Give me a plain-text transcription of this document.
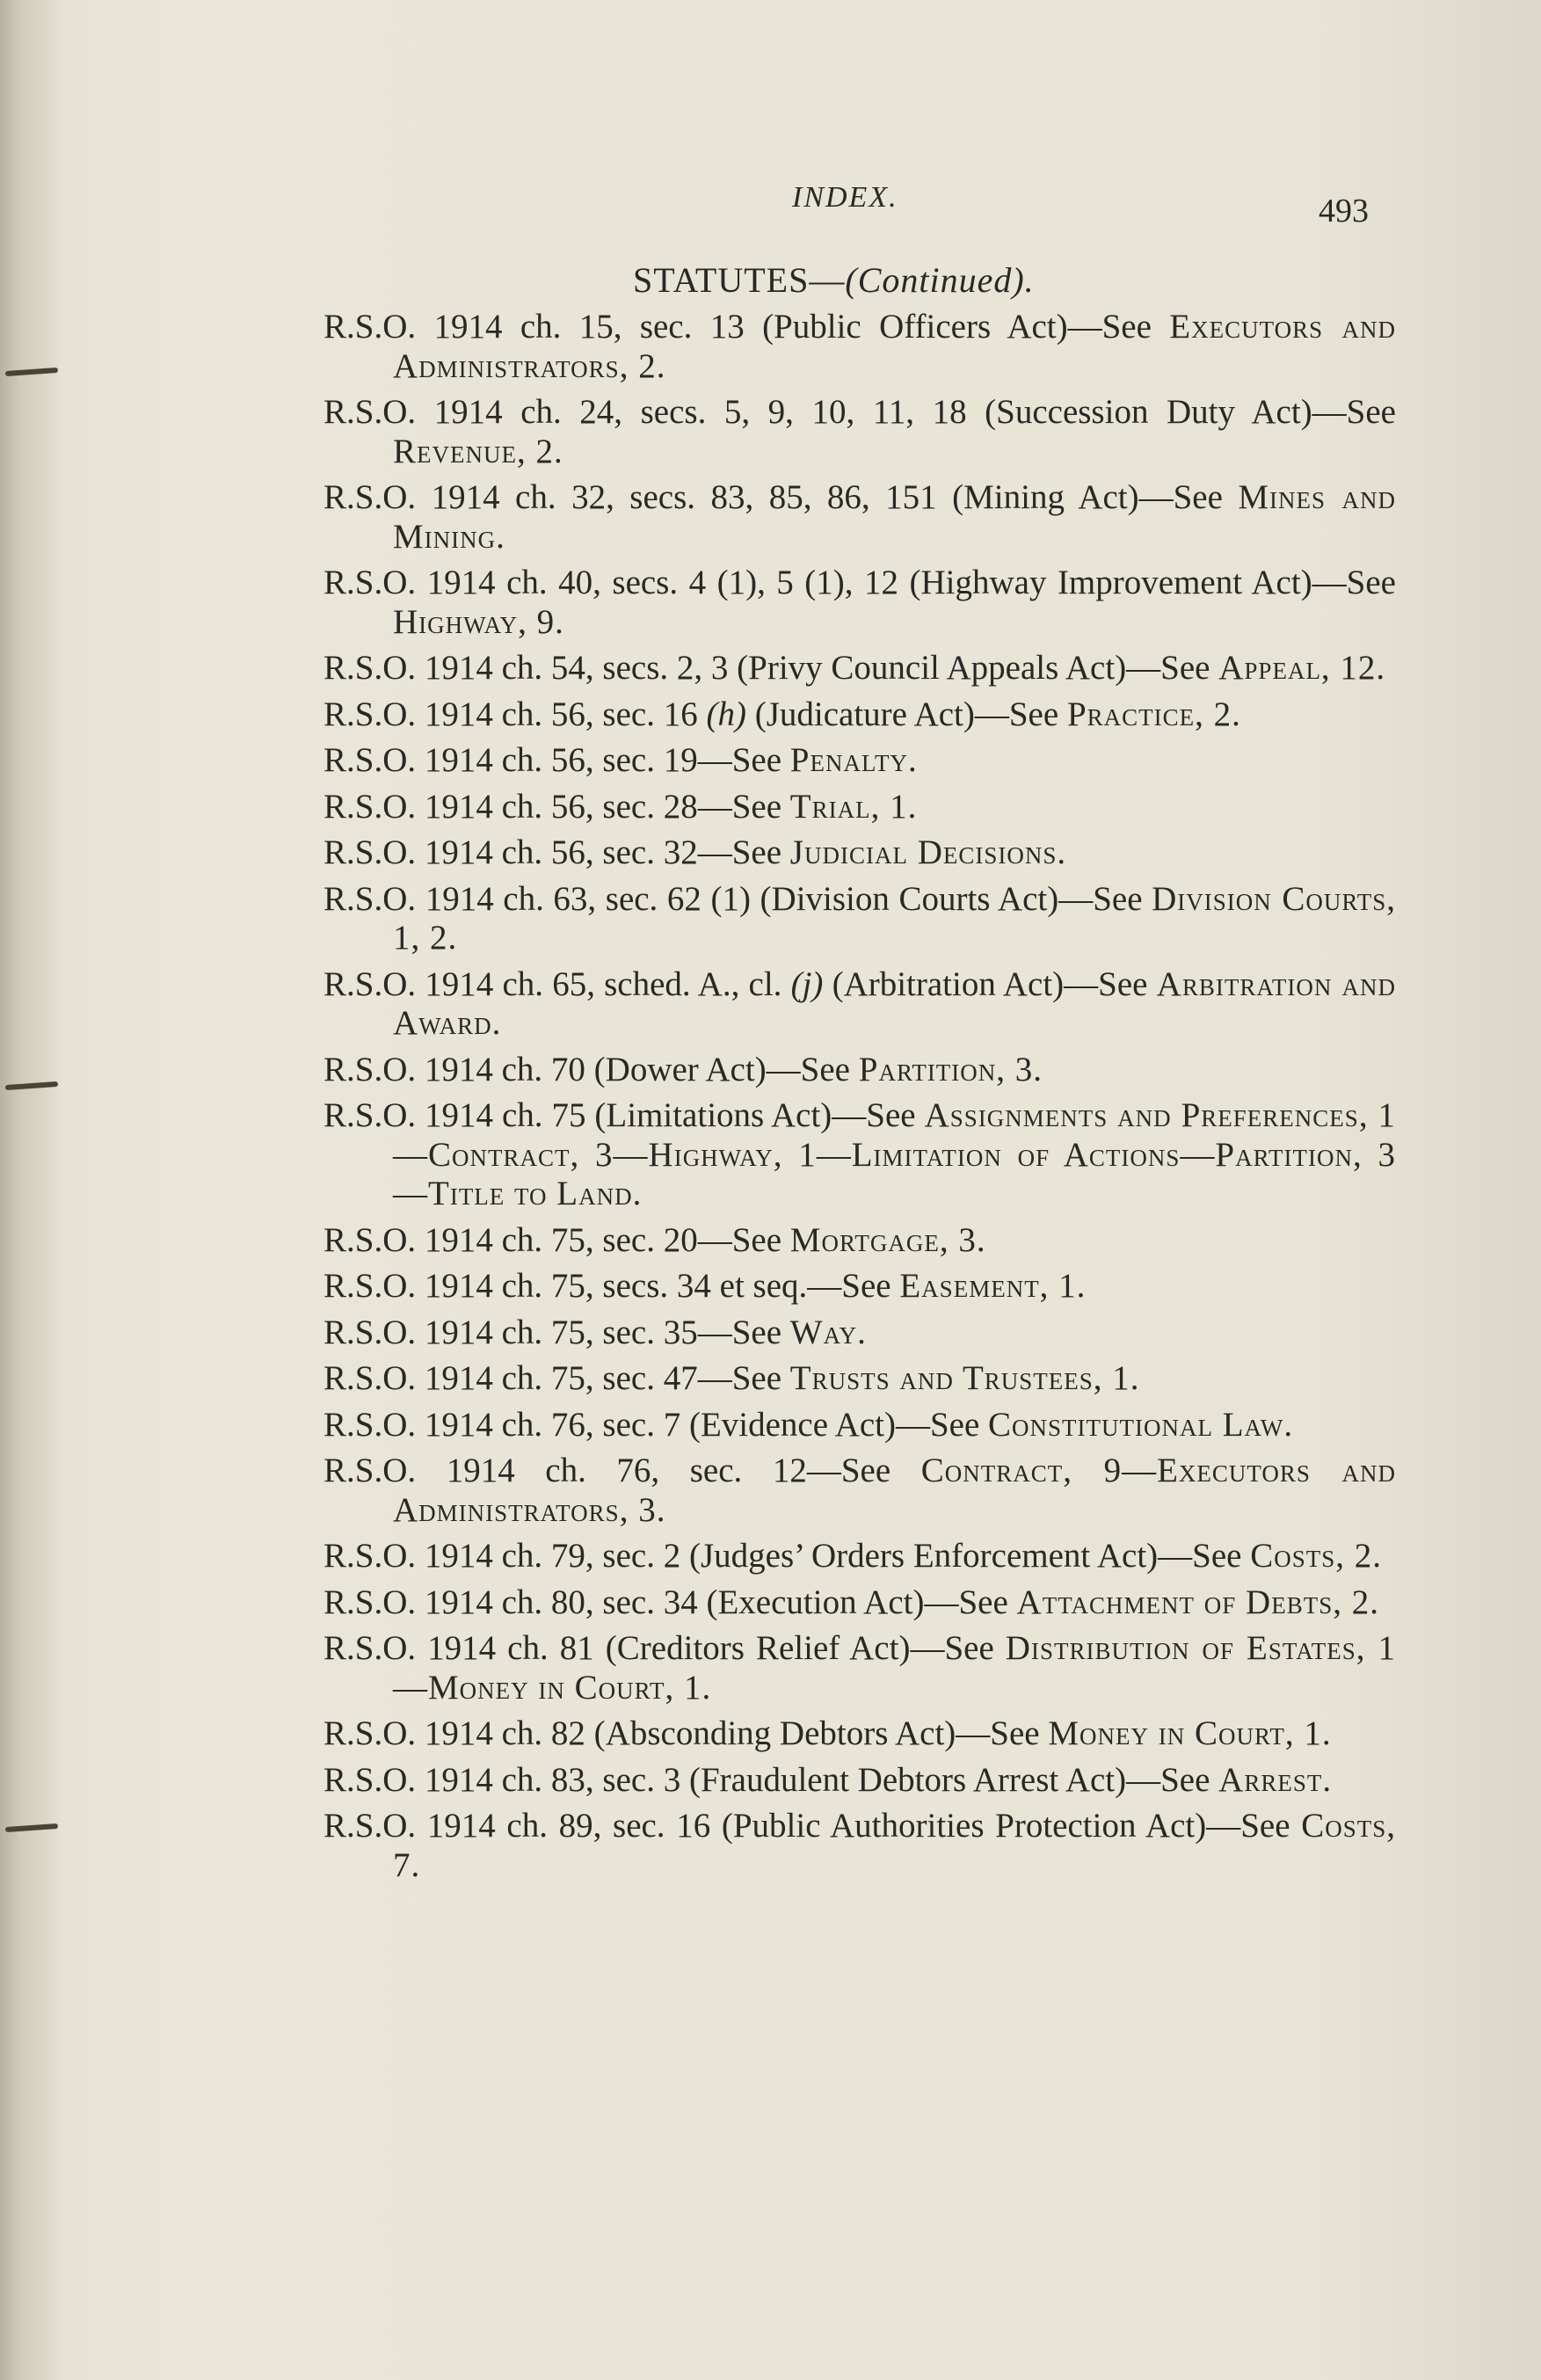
INDEX.	493
STATUTES—(Continued).
R.S.O. 1914 ch. 15, sec. 13 (Public Officers Act)—See Executors and Administrators, 2.
R.S.O. 1914 ch. 24, secs. 5, 9, 10, 11, 18 (Succession Duty Act)—See Revenue, 2.
R.S.O. 1914 ch. 32, secs. 83, 85, 86, 151 (Mining Act)—See Mines and Mining.
R.S.O. 1914 ch. 40, secs. 4 (1), 5 (1), 12 (Highway Improvement Act)—See Highway, 9.
R.S.O. 1914 ch. 54, secs. 2, 3 (Privy Council Appeals Act)—See Appeal, 12.
R.S.O. 1914 ch. 56, sec. 16 (h) (Judicature Act)—See Practice, 2.
R.S.O. 1914 ch. 56, sec. 19—See Penalty.
R.S.O. 1914 ch. 56, sec. 28—See Trial, 1.
R.S.O. 1914 ch. 56, sec. 32—See Judicial Decisions.
R.S.O. 1914 ch. 63, sec. 62 (1) (Division Courts Act)—See Division Courts, 1, 2.
R.S.O. 1914 ch. 65, sched. A., cl. (j) (Arbitration Act)—See Arbitration and Award.
R.S.O. 1914 ch. 70 (Dower Act)—See Partition, 3.
R.S.O. 1914 ch. 75 (Limitations Act)—See Assignments and Preferences, 1—Contract, 3—Highway, 1—Limitation of Actions—Partition, 3—Title to Land.
R.S.O. 1914 ch. 75, sec. 20—See Mortgage, 3.
R.S.O. 1914 ch. 75, secs. 34 et seq.—See Easement, 1.
R.S.O. 1914 ch. 75, sec. 35—See Way.
R.S.O. 1914 ch. 75, sec. 47—See Trusts and Trustees, 1.
R.S.O. 1914 ch. 76, sec. 7 (Evidence Act)—See Constitutional Law.
R.S.O. 1914 ch. 76, sec. 12—See Contract, 9—Executors and Administrators, 3.
R.S.O. 1914 ch. 79, sec. 2 (Judges’ Orders Enforcement Act)—See Costs, 2.
R.S.O. 1914 ch. 80, sec. 34 (Execution Act)—See Attachment of Debts, 2.
R.S.O. 1914 ch. 81 (Creditors Relief Act)—See Distribution of Estates, 1—Money in Court, 1.
R.S.O. 1914 ch. 82 (Absconding Debtors Act)—See Money in Court, 1.
R.S.O. 1914 ch. 83, sec. 3 (Fraudulent Debtors Arrest Act)—See Arrest.
R.S.O. 1914 ch. 89, sec. 16 (Public Authorities Protection Act)—See Costs, 7.
